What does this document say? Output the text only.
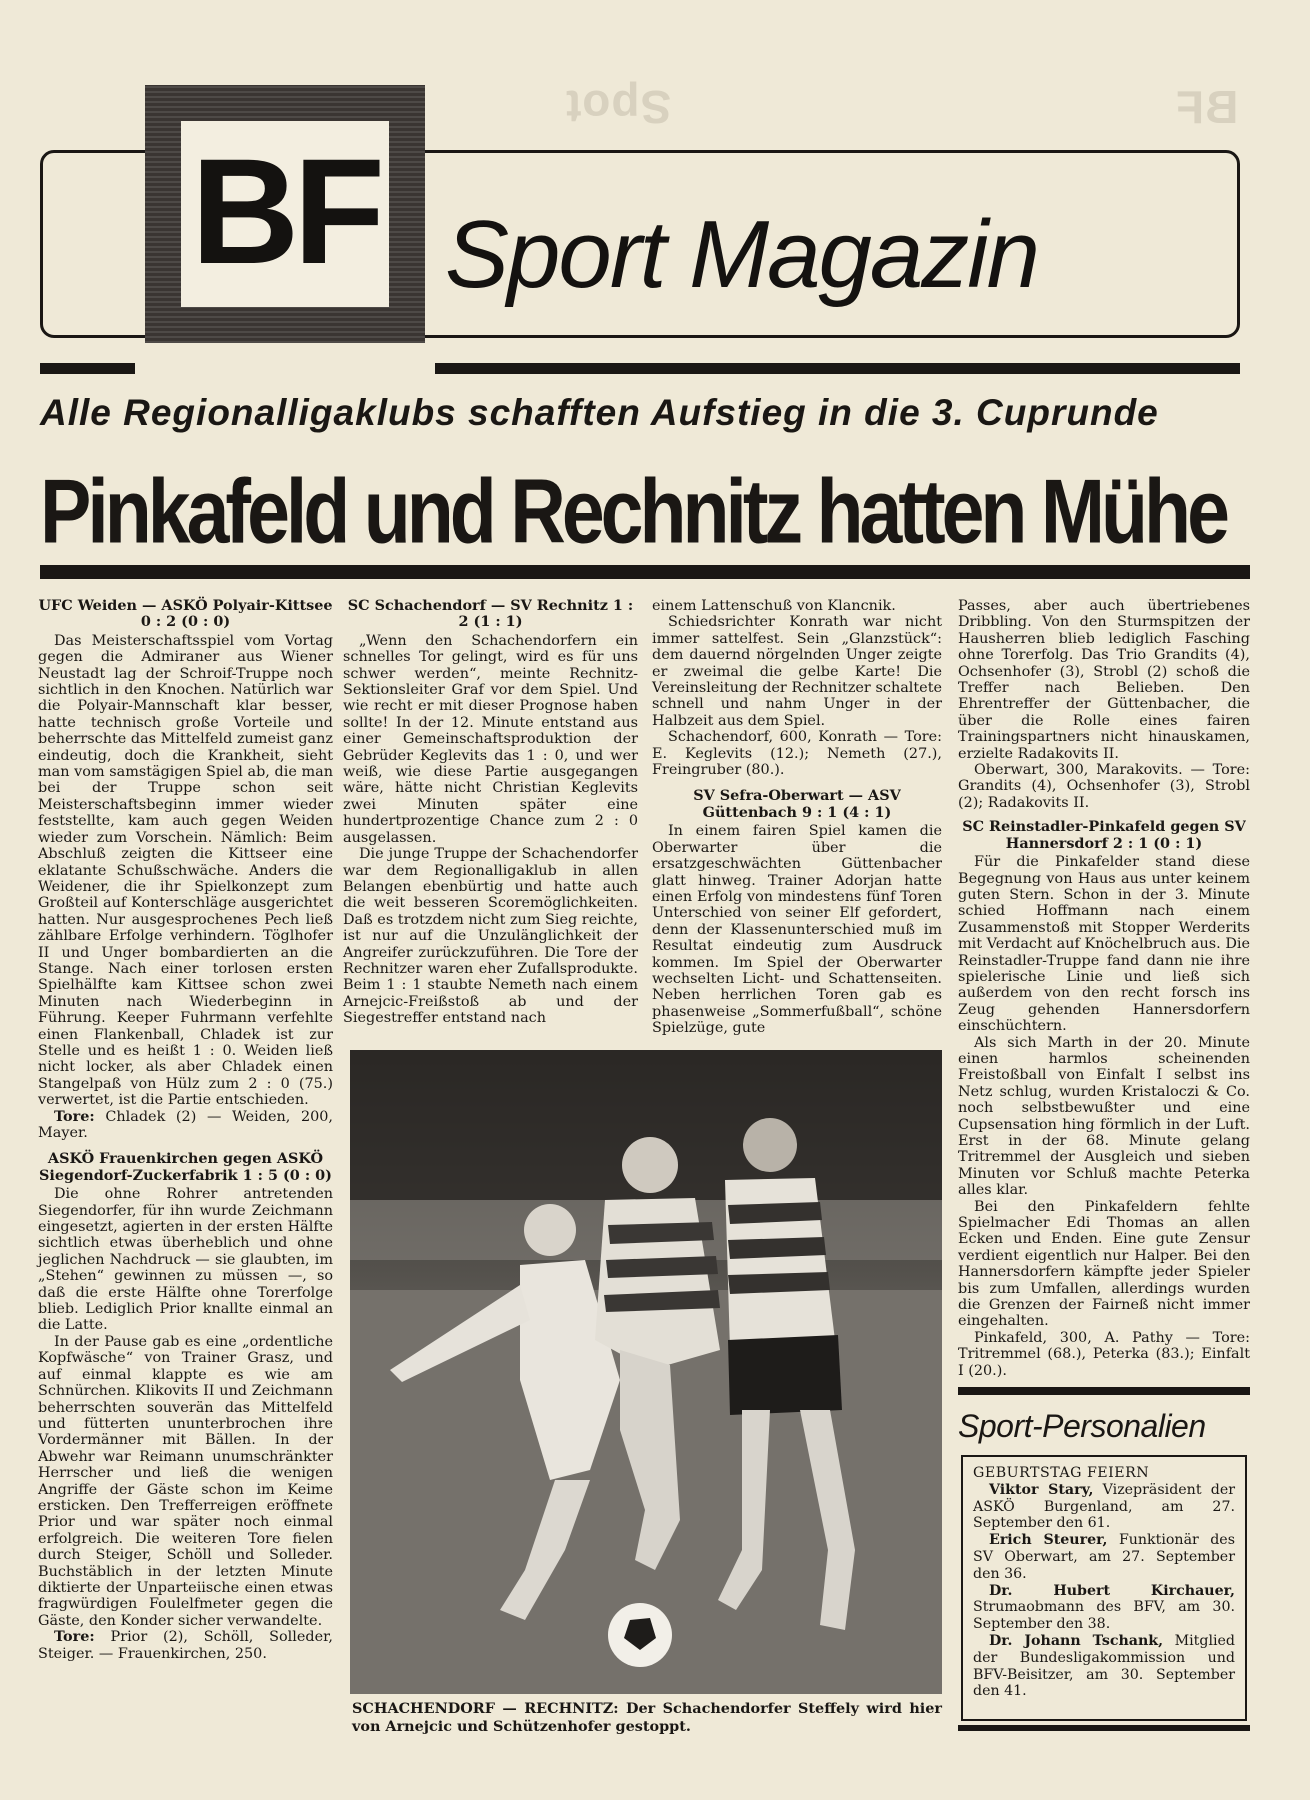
Spot	BF
BF Sport Magazin
Alle Regionalligaklubs schafften Aufstieg in die 3. Cuprunde
Pinkafeld und Rechnitz hatten Mühe
UFC Weiden — ASKÖ Polyair-Kittsee 0 : 2 (0 : 0)

Das Meisterschaftsspiel vom Vortag gegen die Admiraner aus Wiener Neustadt lag der Schroif-Truppe noch sichtlich in den Knochen. Natürlich war die Polyair-Mannschaft klar besser, hatte technisch große Vorteile und beherrschte das Mittelfeld zumeist ganz eindeutig, doch die Krankheit, sieht man vom samstägigen Spiel ab, die man bei der Truppe schon seit Meisterschaftsbeginn immer wieder feststellte, kam auch gegen Weiden wieder zum Vorschein. Nämlich: Beim Abschluß zeigten die Kittseer eine eklatante Schußschwäche. Anders die Weidener, die ihr Spielkonzept zum Großteil auf Konterschläge ausgerichtet hatten. Nur ausgesprochenes Pech ließ zählbare Erfolge verhindern. Töglhofer II und Unger bombardierten an die Stange. Nach einer torlosen ersten Spielhälfte kam Kittsee schon zwei Minuten nach Wiederbeginn in Führung. Keeper Fuhrmann verfehlte einen Flankenball, Chladek ist zur Stelle und es heißt 1 : 0. Weiden ließ nicht locker, als aber Chladek einen Stangelpaß von Hülz zum 2 : 0 (75.) verwertet, ist die Partie entschieden.

Tore: Chladek (2) — Weiden, 200, Mayer.

ASKÖ Frauenkirchen gegen ASKÖ Siegendorf-Zuckerfabrik 1 : 5 (0 : 0)

Die ohne Rohrer antretenden Siegendorfer, für ihn wurde Zeichmann eingesetzt, agierten in der ersten Hälfte sichtlich etwas überheblich und ohne jeglichen Nachdruck — sie glaubten, im „Stehen“ gewinnen zu müssen —, so daß die erste Hälfte ohne Torerfolge blieb. Lediglich Prior knallte einmal an die Latte.

In der Pause gab es eine „ordentliche Kopfwäsche“ von Trainer Grasz, und auf einmal klappte es wie am Schnürchen. Klikovits II und Zeichmann beherrschten souverän das Mittelfeld und fütterten ununterbrochen ihre Vordermänner mit Bällen. In der Abwehr war Reimann unumschränkter Herrscher und ließ die wenigen Angriffe der Gäste schon im Keime ersticken. Den Trefferreigen eröffnete Prior und war später noch einmal erfolgreich. Die weiteren Tore fielen durch Steiger, Schöll und Solleder. Buchstäblich in der letzten Minute diktierte der Unparteiische einen etwas fragwürdigen Foulelfmeter gegen die Gäste, den Konder sicher verwandelte.

Tore: Prior (2), Schöll, Solleder, Steiger. — Frauenkirchen, 250.

SC Schachendorf — SV Rechnitz 1 : 2 (1 : 1)

„Wenn den Schachendorfern ein schnelles Tor gelingt, wird es für uns schwer werden“, meinte Rechnitz-Sektionsleiter Graf vor dem Spiel. Und wie recht er mit dieser Prognose haben sollte! In der 12. Minute entstand aus einer Gemeinschaftsproduktion der Gebrüder Keglevits das 1 : 0, und wer weiß, wie diese Partie ausgegangen wäre, hätte nicht Christian Keglevits zwei Minuten später eine hundertprozentige Chance zum 2 : 0 ausgelassen.

Die junge Truppe der Schachendorfer war dem Regionalligaklub in allen Belangen ebenbürtig und hatte auch die weit besseren Scoremöglichkeiten. Daß es trotzdem nicht zum Sieg reichte, ist nur auf die Unzulänglichkeit der Angreifer zurückzuführen. Die Tore der Rechnitzer waren eher Zufallsprodukte. Beim 1 : 1 staubte Nemeth nach einem Arnejcic-Freißstoß ab und der Siegestreffer entstand nach

einem Lattenschuß von Klancnik.

Schiedsrichter Konrath war nicht immer sattelfest. Sein „Glanzstück“: dem dauernd nörgelnden Unger zeigte er zweimal die gelbe Karte! Die Vereinsleitung der Rechnitzer schaltete schnell und nahm Unger in der Halbzeit aus dem Spiel.

Schachendorf, 600, Konrath — Tore: E. Keglevits (12.); Nemeth (27.), Freingruber (80.).

SV Sefra-Oberwart — ASV Güttenbach 9 : 1 (4 : 1)

In einem fairen Spiel kamen die Oberwarter über die ersatzgeschwächten Güttenbacher glatt hinweg. Trainer Adorjan hatte einen Erfolg von mindestens fünf Toren Unterschied von seiner Elf gefordert, denn der Klassenunterschied muß im Resultat eindeutig zum Ausdruck kommen. Im Spiel der Oberwarter wechselten Licht- und Schattenseiten. Neben herrlichen Toren gab es phasenweise „Sommerfußball“, schöne Spielzüge, gute

Passes, aber auch übertriebenes Dribbling. Von den Sturmspitzen der Hausherren blieb lediglich Fasching ohne Torerfolg. Das Trio Grandits (4), Ochsenhofer (3), Strobl (2) schoß die Treffer nach Belieben. Den Ehrentreffer der Güttenbacher, die über die Rolle eines fairen Trainingspartners nicht hinauskamen, erzielte Radakovits II.

Oberwart, 300, Marakovits. — Tore: Grandits (4), Ochsenhofer (3), Strobl (2); Radakovits II.

SC Reinstadler-Pinkafeld gegen SV Hannersdorf 2 : 1 (0 : 1)

Für die Pinkafelder stand diese Begegnung von Haus aus unter keinem guten Stern. Schon in der 3. Minute schied Hoffmann nach einem Zusammenstoß mit Stopper Werderits mit Verdacht auf Knöchelbruch aus. Die Reinstadler-Truppe fand dann nie ihre spielerische Linie und ließ sich außerdem von den recht forsch ins Zeug gehenden Hannersdorfern einschüchtern.

Als sich Marth in der 20. Minute einen harmlos scheinenden Freistoßball von Einfalt I selbst ins Netz schlug, wurden Kristaloczi & Co. noch selbstbewußter und eine Cupsensation hing förmlich in der Luft. Erst in der 68. Minute gelang Tritremmel der Ausgleich und sieben Minuten vor Schluß machte Peterka alles klar.

Bei den Pinkafeldern fehlte Spielmacher Edi Thomas an allen Ecken und Enden. Eine gute Zensur verdient eigentlich nur Halper. Bei den Hannersdorfern kämpfte jeder Spieler bis zum Umfallen, allerdings wurden die Grenzen der Fairneß nicht immer eingehalten.

Pinkafeld, 300, A. Pathy — Tore: Tritremmel (68.), Peterka (83.); Einfalt I (20.).

SCHACHENDORF — RECHNITZ: Der Schachendorfer Steffely wird hier von Arnejcic und Schützenhofer gestoppt.
Sport-Personalien

GEBURTSTAG FEIERN

Viktor Stary, Vizepräsident der ASKÖ Burgenland, am 27. September den 61.

Erich Steurer, Funktionär des SV Oberwart, am 27. September den 36.

Dr. Hubert Kirchauer, Strumaobmann des BFV, am 30. September den 38.

Dr. Johann Tschank, Mitglied der Bundesligakommission und BFV-Beisitzer, am 30. September den 41.
